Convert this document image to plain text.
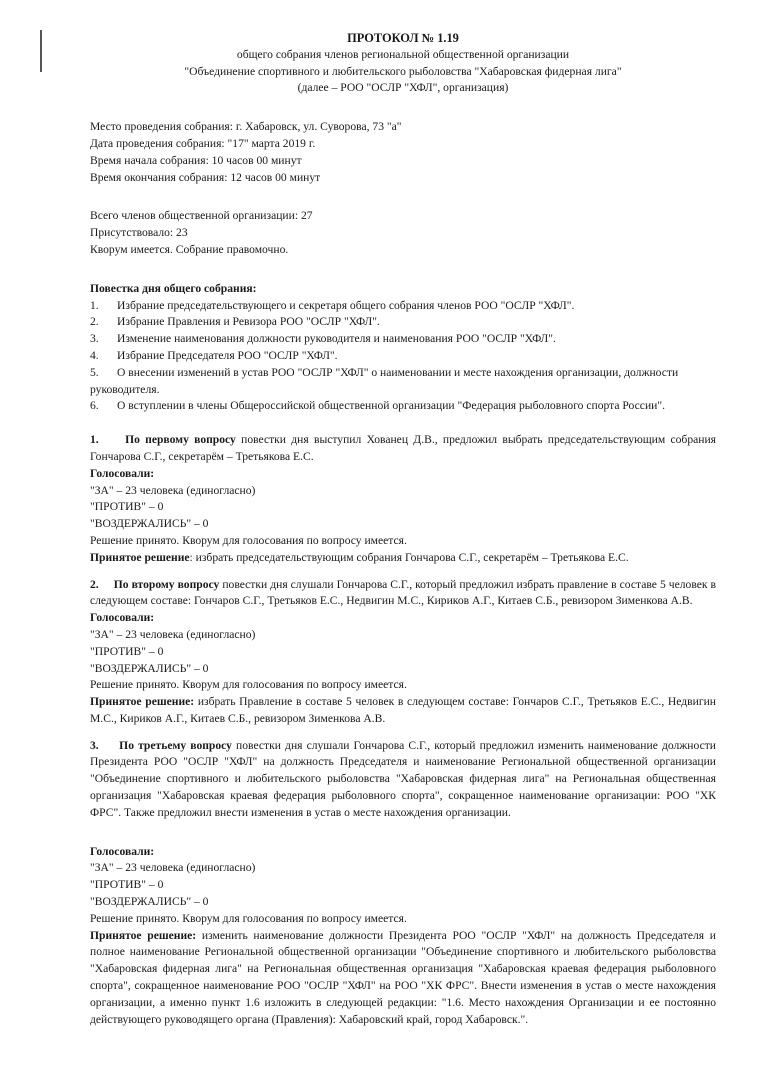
ПРОТОКОЛ № 1.19
общего собрания членов региональной общественной организации
"Объединение спортивного и любительского рыболовства "Хабаровская фидерная лига"
(далее – РОО "ОСЛР "ХФЛ", организация)

Место проведения собрания: г. Хабаровск, ул. Суворова, 73 "а"

Дата проведения собрания: "17" марта 2019 г.

Время начала собрания: 10 часов 00 минут

Время окончания собрания: 12 часов 00 минут

Всего членов общественной организации: 27

Присутствовало: 23

Кворум имеется. Собрание правомочно.

Повестка дня общего собрания:

1.	Избрание председательствующего и секретаря общего собрания членов РОО "ОСЛР "ХФЛ".
2.	Избрание Правления и Ревизора РОО "ОСЛР "ХФЛ".
3.	Изменение наименования должности руководителя и наименования РОО "ОСЛР "ХФЛ".
4.	Избрание Председателя РОО "ОСЛР "ХФЛ".
5.	О внесении изменений в устав РОО "ОСЛР "ХФЛ" о наименовании и месте нахождения организации, должности
руководителя.
6.	О вступлении в члены Общероссийской общественной организации "Федерация рыболовного спорта России".

1. По первому вопросу повестки дня выступил Хованец Д.В., предложил выбрать председательствующим собрания Гончарова С.Г., секретарём – Третьякова Е.С.

Голосовали:

"ЗА" – 23 человека (единогласно)

"ПРОТИВ" – 0

"ВОЗДЕРЖАЛИСЬ" – 0

Решение принято. Кворум для голосования по вопросу имеется.

Принятое решение: избрать председательствующим собрания Гончарова С.Г., секретарём – Третьякова Е.С.

2. По второму вопросу повестки дня слушали Гончарова С.Г., который предложил избрать правление в составе 5 человек в следующем составе: Гончаров С.Г., Третьяков Е.С., Недвигин М.С., Кириков А.Г., Китаев С.Б., ревизором Зименкова А.В.

Голосовали:

"ЗА" – 23 человека (единогласно)

"ПРОТИВ" – 0

"ВОЗДЕРЖАЛИСЬ" – 0

Решение принято. Кворум для голосования по вопросу имеется.

Принятое решение: избрать Правление в составе 5 человек в следующем составе: Гончаров С.Г., Третьяков Е.С., Недвигин М.С., Кириков А.Г., Китаев С.Б., ревизором Зименкова А.В.

3. По третьему вопросу повестки дня слушали Гончарова С.Г., который предложил изменить наименование должности Президента РОО "ОСЛР "ХФЛ" на должность Председателя и наименование Региональной общественной организации "Объединение спортивного и любительского рыболовства "Хабаровская фидерная лига" на Региональная общественная организация "Хабаровская краевая федерация рыболовного спорта", сокращенное наименование организации: РОО "ХК ФРС". Также предложил внести изменения в устав о месте нахождения организации.

Голосовали:

"ЗА" – 23 человека (единогласно)

"ПРОТИВ" – 0

"ВОЗДЕРЖАЛИСЬ" – 0

Решение принято. Кворум для голосования по вопросу имеется.

Принятое решение: изменить наименование должности Президента РОО "ОСЛР "ХФЛ" на должность Председателя и полное наименование Региональной общественной организации "Объединение спортивного и любительского рыболовства "Хабаровская фидерная лига" на Региональная общественная организация "Хабаровская краевая федерация рыболовного спорта", сокращенное наименование РОО "ОСЛР "ХФЛ" на РОО "ХК ФРС". Внести изменения в устав о месте нахождения организации, а именно пункт 1.6 изложить в следующей редакции: "1.6. Место нахождения Организации и ее постоянно действующего руководящего органа (Правления): Хабаровский край, город Хабаровск.".
